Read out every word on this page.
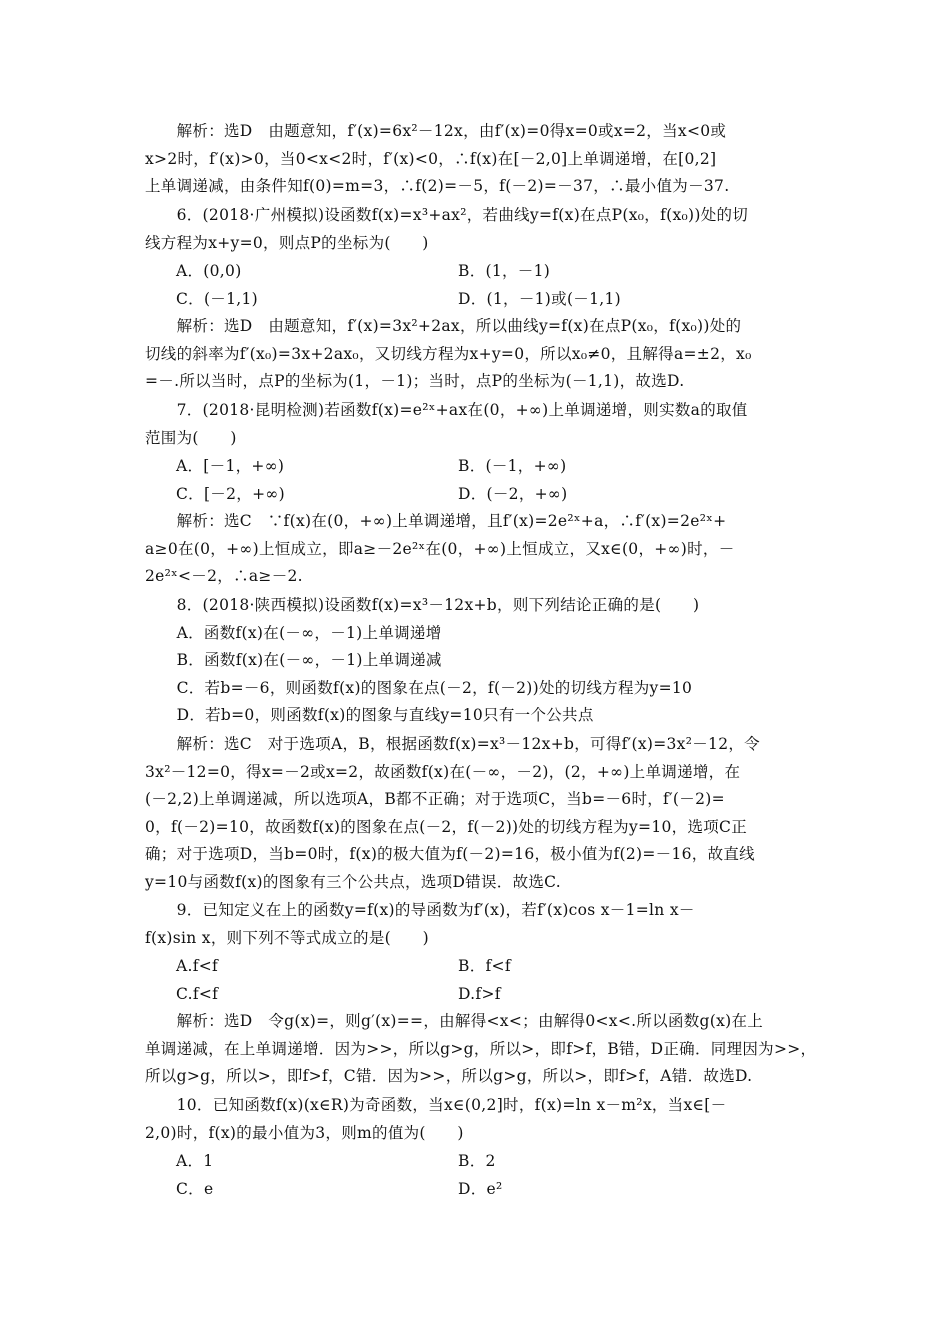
　　解析：选D　由题意知，f′(x)=6x²－12x，由f′(x)=0得x=0或x=2，当x<0或
x>2时，f′(x)>0，当0<x<2时，f′(x)<0，∴f(x)在[－2,0]上单调递增，在[0,2]
上单调递减，由条件知f(0)=m=3，∴f(2)=－5，f(－2)=－37，∴最小值为－37.
　　6．(2018·广州模拟)设函数f(x)=x³+ax²，若曲线y=f(x)在点P(x₀，f(x₀))处的切
线方程为x+y=0，则点P的坐标为(　　)
　　解析：选D　由题意知，f′(x)=3x²+2ax，所以曲线y=f(x)在点P(x₀，f(x₀))处的
切线的斜率为f′(x₀)=3x+2ax₀，又切线方程为x+y=0，所以x₀≠0，且解得a=±2，x₀
=－.所以当时，点P的坐标为(1，－1)；当时，点P的坐标为(－1,1)，故选D.
　　7．(2018·昆明检测)若函数f(x)=e²ˣ+ax在(0，+∞)上单调递增，则实数a的取值
范围为(　　)
　　解析：选C　∵f(x)在(0，+∞)上单调递增，且f′(x)=2e²ˣ+a，∴f′(x)=2e²ˣ+
a≥0在(0，+∞)上恒成立，即a≥－2e²ˣ在(0，+∞)上恒成立，又x∈(0，+∞)时，－
2e²ˣ<－2，∴a≥－2.
　　8．(2018·陕西模拟)设函数f(x)=x³－12x+b，则下列结论正确的是(　　)
　　A．函数f(x)在(－∞，－1)上单调递增
　　B．函数f(x)在(－∞，－1)上单调递减
　　C．若b=－6，则函数f(x)的图象在点(－2，f(－2))处的切线方程为y=10
　　D．若b=0，则函数f(x)的图象与直线y=10只有一个公共点
　　解析：选C　对于选项A，B，根据函数f(x)=x³－12x+b，可得f′(x)=3x²－12，令
3x²－12=0，得x=－2或x=2，故函数f(x)在(－∞，－2)，(2，+∞)上单调递增，在
(－2,2)上单调递减，所以选项A，B都不正确；对于选项C，当b=－6时，f′(－2)=
0，f(－2)=10，故函数f(x)的图象在点(－2，f(－2))处的切线方程为y=10，选项C正
确；对于选项D，当b=0时，f(x)的极大值为f(－2)=16，极小值为f(2)=－16，故直线
y=10与函数f(x)的图象有三个公共点，选项D错误．故选C.
　　9．已知定义在上的函数y=f(x)的导函数为f′(x)，若f′(x)cos x－1=ln x－
f(x)sin x，则下列不等式成立的是(　　)
　　解析：选D　令g(x)=，则g′(x)==，由解得<x<；由解得0<x<.所以函数g(x)在上
单调递减，在上单调递增．因为>>，所以g>g，所以>，即f>f，B错，D正确．同理因为>>，
所以g>g，所以>，即f>f，C错．因为>>，所以g>g，所以>，即f>f，A错．故选D.
　　10．已知函数f(x)(x∈R)为奇函数，当x∈(0,2]时，f(x)=ln x－m²x，当x∈[－
2,0)时，f(x)的最小值为3，则m的值为(　　)
A．(0,0)	B．(1，－1)
C．(－1,1)	D．(1，－1)或(－1,1)
A．[－1，+∞)	B．(－1，+∞)
C．[－2，+∞)	D．(－2，+∞)
A.f<f	B．f<f
C.f<f	D.f>f
A．1	B．2
C．e	D．e²
